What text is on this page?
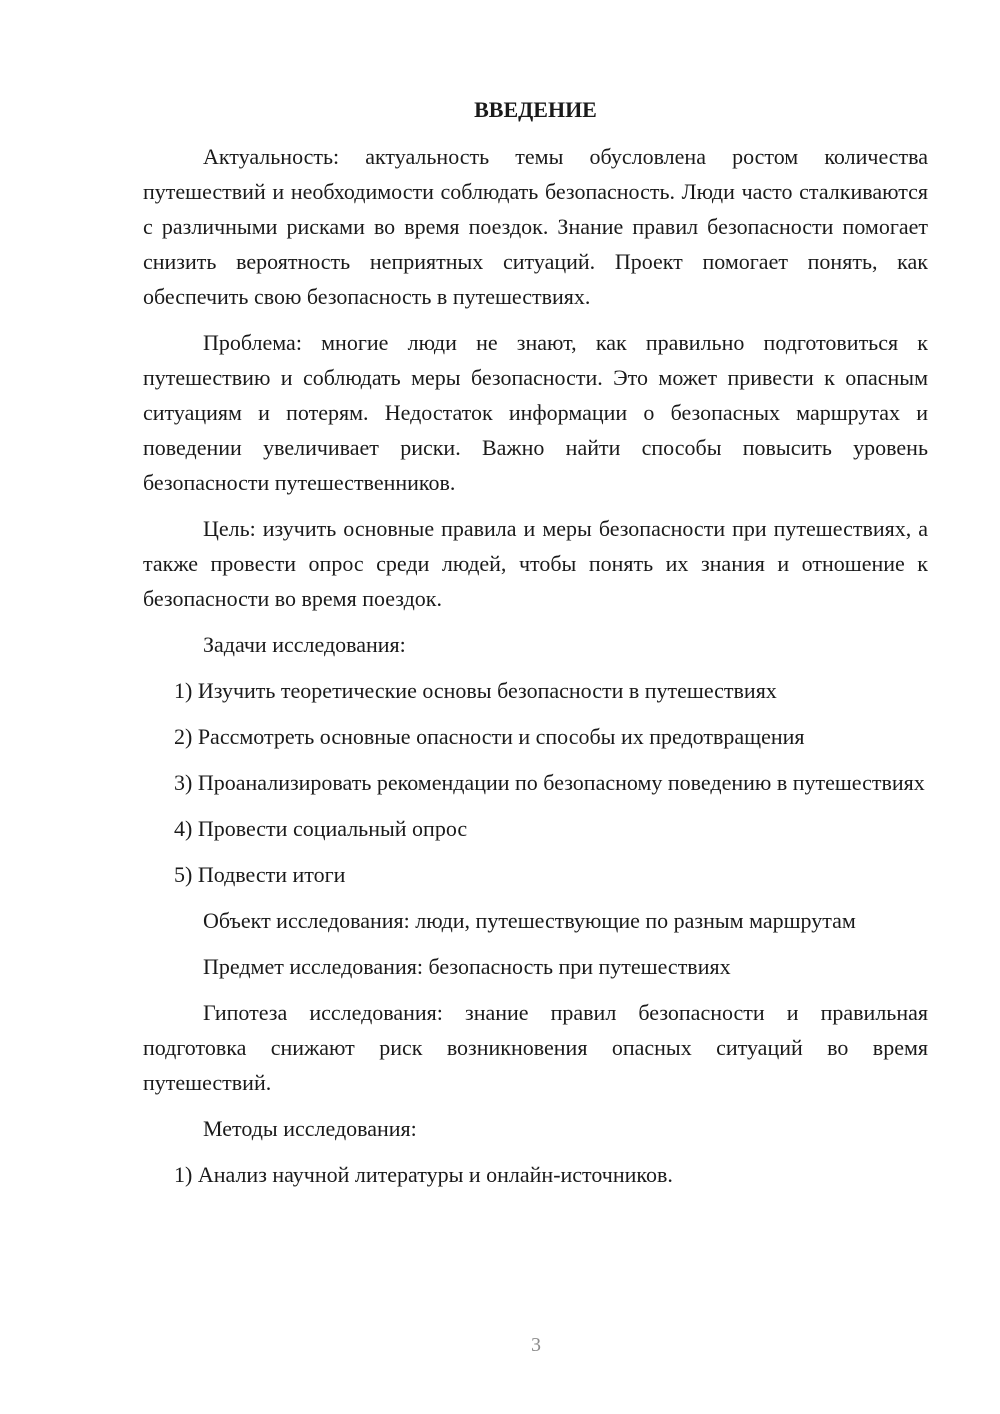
ВВЕДЕНИЕ

Актуальность: актуальность темы обусловлена ростом количества путешествий и необходимости соблюдать безопасность. Люди часто сталкиваются с различными рисками во время поездок. Знание правил безопасности помогает снизить вероятность неприятных ситуаций. Проект помогает понять, как обеспечить свою безопасность в путешествиях.

Проблема: многие люди не знают, как правильно подготовиться к путешествию и соблюдать меры безопасности. Это может привести к опасным ситуациям и потерям. Недостаток информации о безопасных маршрутах и поведении увеличивает риски. Важно найти способы повысить уровень безопасности путешественников.

Цель: изучить основные правила и меры безопасности при путешествиях, а также провести опрос среди людей, чтобы понять их знания и отношение к безопасности во время поездок.

Задачи исследования:

1) Изучить теоретические основы безопасности в путешествиях

2) Рассмотреть основные опасности и способы их предотвращения

3) Проанализировать рекомендации по безопасному поведению в путешествиях

4) Провести социальный опрос

5) Подвести итоги

Объект исследования: люди, путешествующие по разным маршрутам

Предмет исследования: безопасность при путешествиях

Гипотеза исследования: знание правил безопасности и правильная подготовка снижают риск возникновения опасных ситуаций во время путешествий.

Методы исследования:

1) Анализ научной литературы и онлайн-источников.

3
